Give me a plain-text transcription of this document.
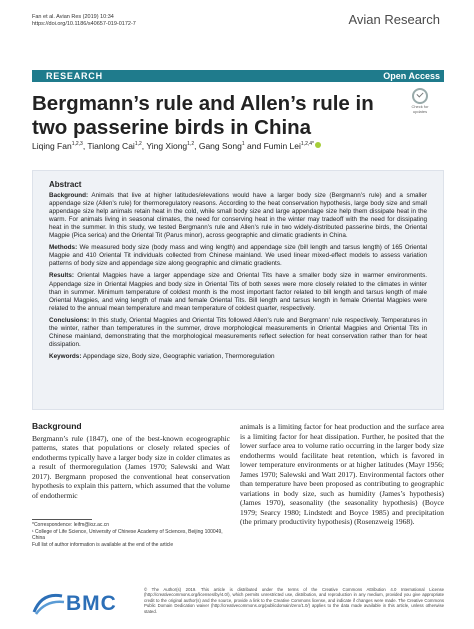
Fan et al. Avian Res (2019) 10:34
https://doi.org/10.1186/s40657-019-0172-7	Avian Research
RESEARCH	Open Access
Check for
updates
Bergmann’s rule and Allen’s rule in two passerine birds in China
Liqing Fan$^{1,2,3}$, Tianlong Cai$^{1,2}$, Ying Xiong$^{1,2}$, Gang Song$^1$ and Fumin Lei$^{1,2,4*}$
Abstract

Background: Animals that live at higher latitudes/elevations would have a larger body size (Bergmann’s rule) and a smaller appendage size (Allen’s rule) for thermoregulatory reasons. According to the heat conservation hypothesis, large body size and small appendage size help animals retain heat in the cold, while small body size and large appendage size help them dissipate heat in the warm. For animals living in seasonal climates, the need for conserving heat in the winter may tradeoff with the need for dissipating heat in the summer. In this study, we tested Bergmann’s rule and Allen’s rule in two widely-distributed passerine birds, the Oriental Magpie (Pica serica) and the Oriental Tit (Parus minor), across geographic and climatic gradients in China.

Methods: We measured body size (body mass and wing length) and appendage size (bill length and tarsus length) of 165 Oriental Magpie and 410 Oriental Tit individuals collected from Chinese mainland. We used linear mixed-effect models to assess variation patterns of body size and appendage size along geographic and climatic gradients.

Results: Oriental Magpies have a larger appendage size and Oriental Tits have a smaller body size in warmer environments. Appendage size in Oriental Magpies and body size in Oriental Tits of both sexes were more closely related to the climates in winter than in summer. Minimum temperature of coldest month is the most important factor related to bill length and tarsus length of male Oriental Magpies, and wing length of male and female Oriental Tits. Bill length and tarsus length in female Oriental Magpies were related to the annual mean temperature and mean temperature of coldest quarter, respectively.

Conclusions: In this study, Oriental Magpies and Oriental Tits followed Allen’s rule and Bergmann’ rule respectively. Temperatures in the winter, rather than temperatures in the summer, drove morphological measurements in Oriental Magpies and Oriental Tits in Chinese mainland, demonstrating that the morphological measurements reflect selection for heat conservation rather than for heat dissipation.

Keywords: Appendage size, Body size, Geographic variation, Thermoregulation

Background

Bergmann’s rule (1847), one of the best-known ecogeographic patterns, states that populations or closely related species of endotherms typically have a larger body size in colder climates as a result of thermoregulation (James 1970; Salewski and Watt 2017). Bergmann proposed the conventional heat conservation hypothesis to explain this pattern, which assumed that the volume of endothermic

animals is a limiting factor for heat production and the surface area is a limiting factor for heat dissipation. Further, he posited that the lower surface area to volume ratio occurring in the larger body size endotherms would facilitate heat retention, which is favored in lower temperature environments or at higher latitudes (Mayr 1956; James 1970; Salewski and Watt 2017). Environmental factors other than temperature have been proposed as contributing to geographic variations in body size, such as humidity (James’s hypothesis) (James 1970), seasonality (the seasonality hypothesis) (Boyce 1979; Searcy 1980; Lindstedt and Boyce 1985) and precipitation (the primary productivity hypothesis) (Rosenzweig 1968).

*Correspondence: leifm@ioz.ac.cn
¹ College of Life Science, University of Chinese Academy of Sciences, Beijing 100049, China
Full list of author information is available at the end of the article
BMC
© The Author(s) 2019. This article is distributed under the terms of the Creative Commons Attribution 4.0 International License (http://creativecommons.org/licenses/by/4.0/), which permits unrestricted use, distribution, and reproduction in any medium, provided you give appropriate credit to the original author(s) and the source, provide a link to the Creative Commons license, and indicate if changes were made. The Creative Commons Public Domain Dedication waiver (http://creativecommons.org/publicdomain/zero/1.0/) applies to the data made available in this article, unless otherwise stated.
